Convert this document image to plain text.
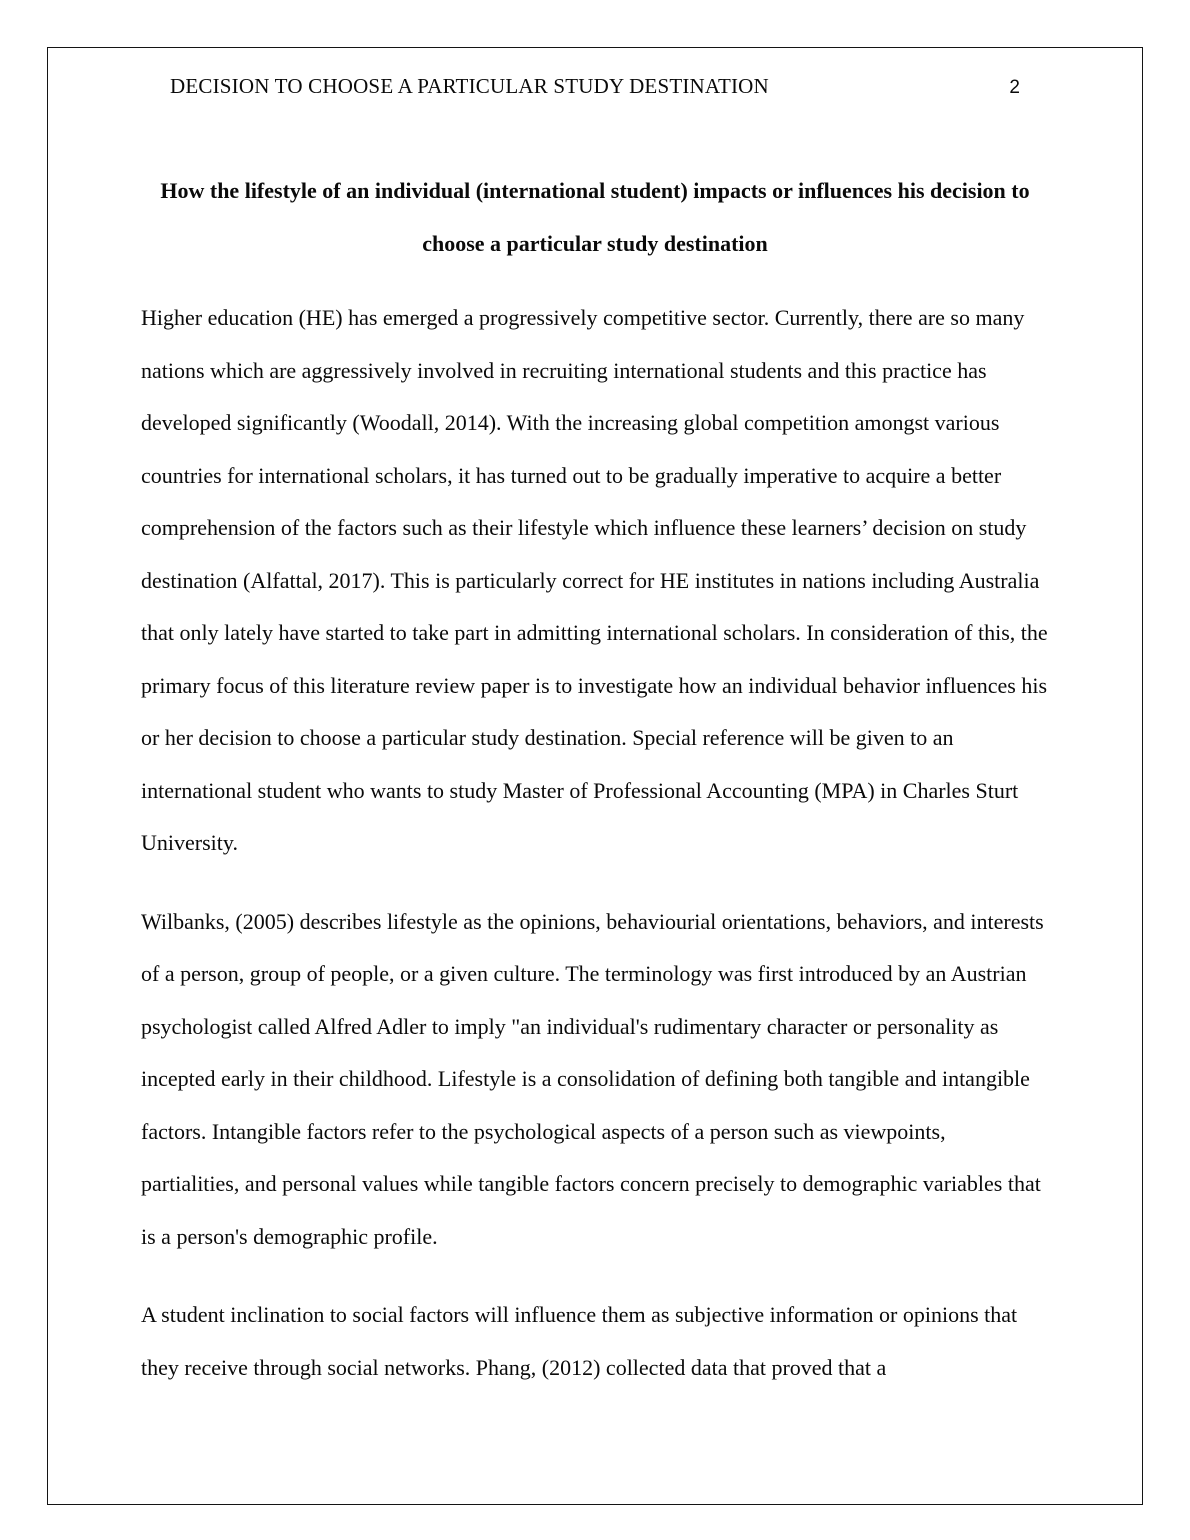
DECISION TO CHOOSE A PARTICULAR STUDY DESTINATION	2
How the lifestyle of an individual (international student) impacts or influences his decision to choose a particular study destination

Higher education (HE) has emerged a progressively competitive sector. Currently, there are so many nations which are aggressively involved in recruiting international students and this practice has developed significantly (Woodall, 2014). With the increasing global competition amongst various countries for international scholars, it has turned out to be gradually imperative to acquire a better comprehension of the factors such as their lifestyle which influence these learners’ decision on study destination (Alfattal, 2017). This is particularly correct for HE institutes in nations including Australia that only lately have started to take part in admitting international scholars. In consideration of this, the primary focus of this literature review paper is to investigate how an individual behavior influences his or her decision to choose a particular study destination. Special reference will be given to an international student who wants to study Master of Professional Accounting (MPA) in Charles Sturt University.

Wilbanks, (2005) describes lifestyle as the opinions, behaviourial orientations, behaviors, and interests of a person, group of people, or a given culture. The terminology was first introduced by an Austrian psychologist called Alfred Adler to imply "an individual's rudimentary character or personality as incepted early in their childhood. Lifestyle is a consolidation of defining both tangible and intangible factors. Intangible factors refer to the psychological aspects of a person such as viewpoints, partialities, and personal values while tangible factors concern precisely to demographic variables that is a person's demographic profile.

A student inclination to social factors will influence them as subjective information or opinions that they receive through social networks. Phang, (2012) collected data that proved that a
